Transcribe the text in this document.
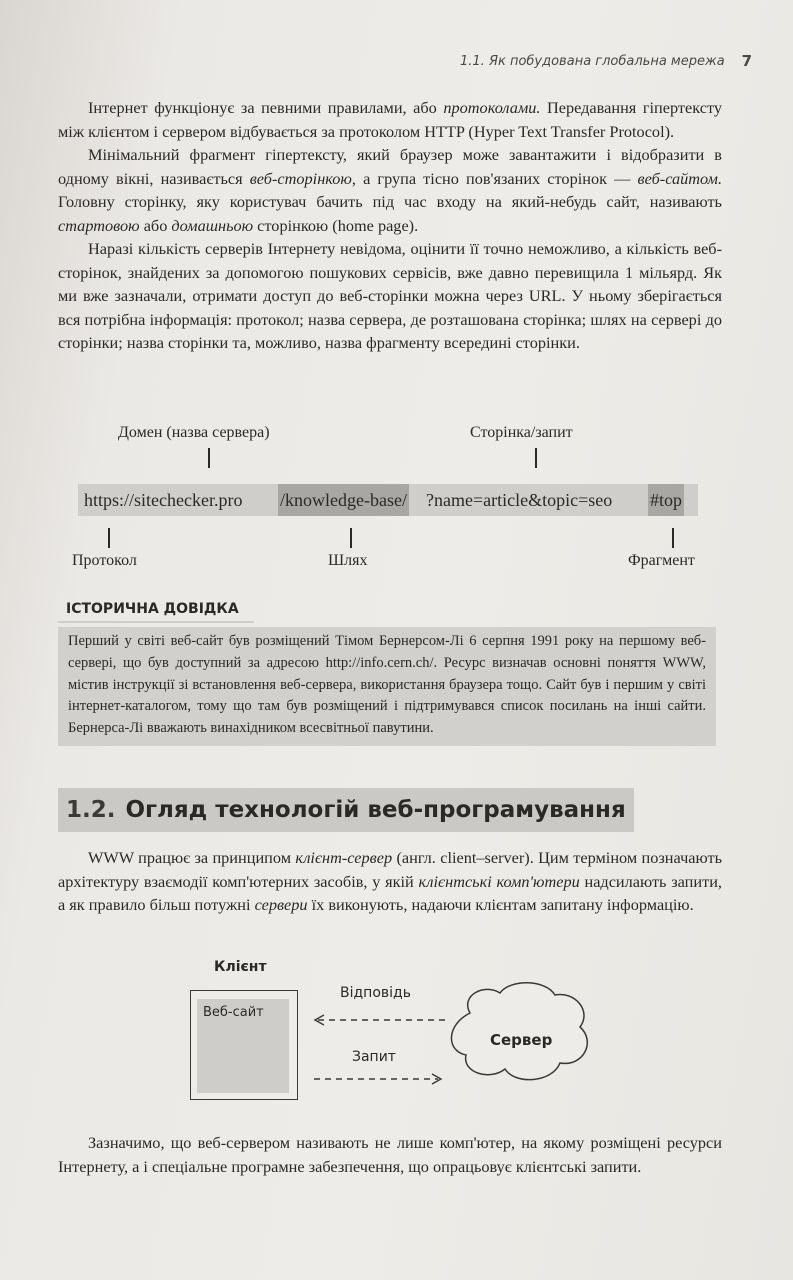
1.1. Як побудована глобальна мережа 7

Інтернет функціонує за певними правилами, або протоколами. Передавання гіпертексту між клієнтом і сервером відбувається за протоколом HTTP (Hyper Text Transfer Protocol).

Мінімальний фрагмент гіпертексту, який браузер може завантажити і відобразити в одному вікні, називається веб-сторінкою, а група тісно пов'язаних сторінок — веб-сайтом. Головну сторінку, яку користувач бачить під час входу на який-небудь сайт, називають стартовою або домашньою сторінкою (home page).

Наразі кількість серверів Інтернету невідома, оцінити її точно неможливо, а кількість веб-сторінок, знайдених за допомогою пошукових сервісів, вже давно перевищила 1 мільярд. Як ми вже зазначали, отримати доступ до веб-сторінки можна через URL. У ньому зберігається вся потрібна інформація: протокол; назва сервера, де розташована сторінка; шлях на сервері до сторінки; назва сторінки та, можливо, назва фрагменту всередині сторінки.

Домен (назва сервера)	Сторінка/запит
https://sitechecker.pro /knowledge-base/ ?name=article&topic=seo #top
Протокол	Шлях	Фрагмент
ІСТОРИЧНА ДОВІДКА
Перший у світі веб-сайт був розміщений Тімом Бернерсом-Лі 6 серпня 1991 року на першому веб-сервері, що був доступний за адресою http://info.cern.ch/. Ресурс визначав основні поняття WWW, містив інструкції зі встановлення веб-сервера, використання браузера тощо. Сайт був і першим у світі інтернет-каталогом, тому що там був розміщений і підтримувався список посилань на інші сайти. Бернерса-Лі вважають винахідником всесвітньої павутини.
1.2. Огляд технологій веб-програмування

WWW працює за принципом клієнт-сервер (англ. client–server). Цим терміном позначають архітектуру взаємодії комп'ютерних засобів, у якій клієнтські комп'ютери надсилають запити, а як правило більш потужні сервери їх виконують, надаючи клієнтам запитану інформацію.

Клієнт
Веб-сайт
Відповідь
Запит
Сервер

Зазначимо, що веб-сервером називають не лише комп'ютер, на якому розміщені ресурси Інтернету, а і спеціальне програмне забезпечення, що опрацьовує клієнтські запити.
